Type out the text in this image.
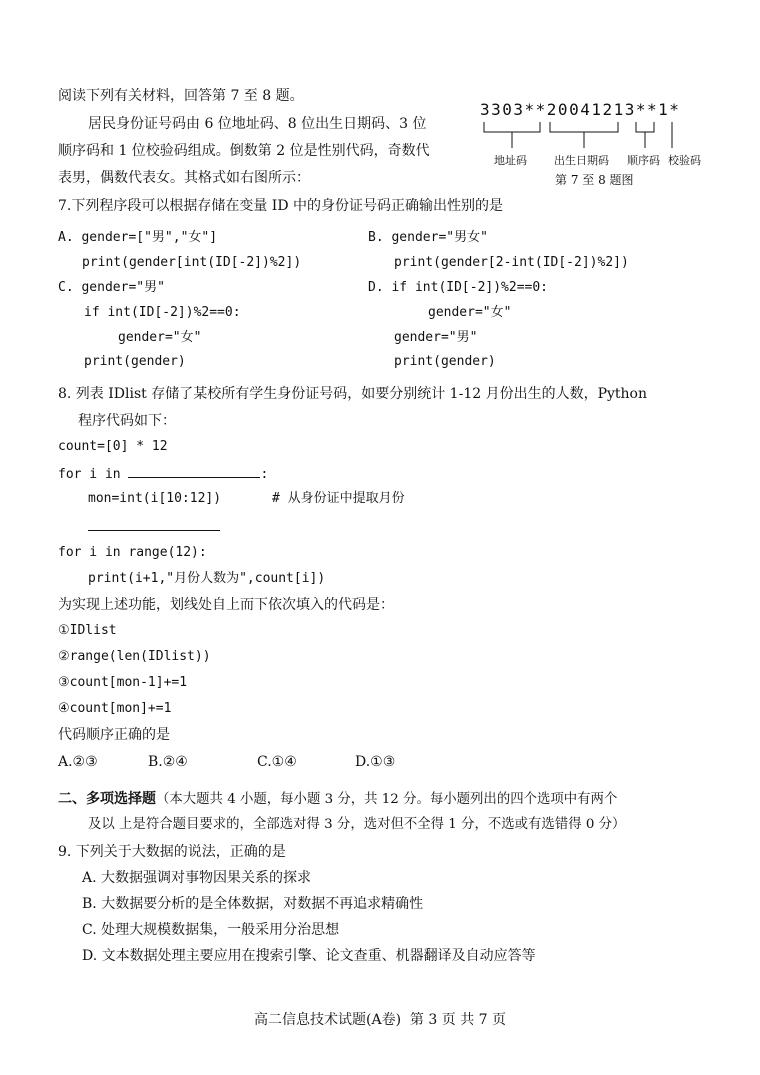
阅读下列有关材料，回答第 7 至 8 题。
居民身份证号码由 6 位地址码、8 位出生日期码、3 位
顺序码和 1 位校验码组成。倒数第 2 位是性别代码，奇数代
表男，偶数代表女。其格式如右图所示：
3303**20041213**1*
地址码 出生日期码 顺序码 校验码
第 7 至 8 题图
7.下列程序段可以根据存储在变量 ID 中的身份证号码正确输出性别的是
A. gender=["男","女"]
print(gender[int(ID[-2])%2])
B. gender="男女"
print(gender[2-int(ID[-2])%2])
C. gender="男"
if int(ID[-2])%2==0:
gender="女"
print(gender)
D. if int(ID[-2])%2==0:
gender="女"
gender="男"
print(gender)
8. 列表 IDlist 存储了某校所有学生身份证号码，如要分别统计 1-12 月份出生的人数，Python
程序代码如下：
count=[0] * 12
for i in	:
mon=int(i[10:12])	# 从身份证中提取月份
for i in range(12):
print(i+1,"月份人数为",count[i])
为实现上述功能，划线处自上而下依次填入的代码是：
①IDlist
②range(len(IDlist))
③count[mon-1]+=1
④count[mon]+=1
代码顺序正确的是
A.②③	B.②④	C.①④	D.①③
二、多项选择题（本大题共 4 小题，每小题 3 分，共 12 分。每小题列出的四个选项中有两个
及以 上是符合题目要求的，全部选对得 3 分，选对但不全得 1 分，不选或有选错得 0 分）
9. 下列关于大数据的说法，正确的是
A. 大数据强调对事物因果关系的探求
B. 大数据要分析的是全体数据，对数据不再追求精确性
C. 处理大规模数据集，一般采用分治思想
D. 文本数据处理主要应用在搜索引擎、论文查重、机器翻译及自动应答等
高二信息技术试题(A卷)  第 3 页 共 7 页
